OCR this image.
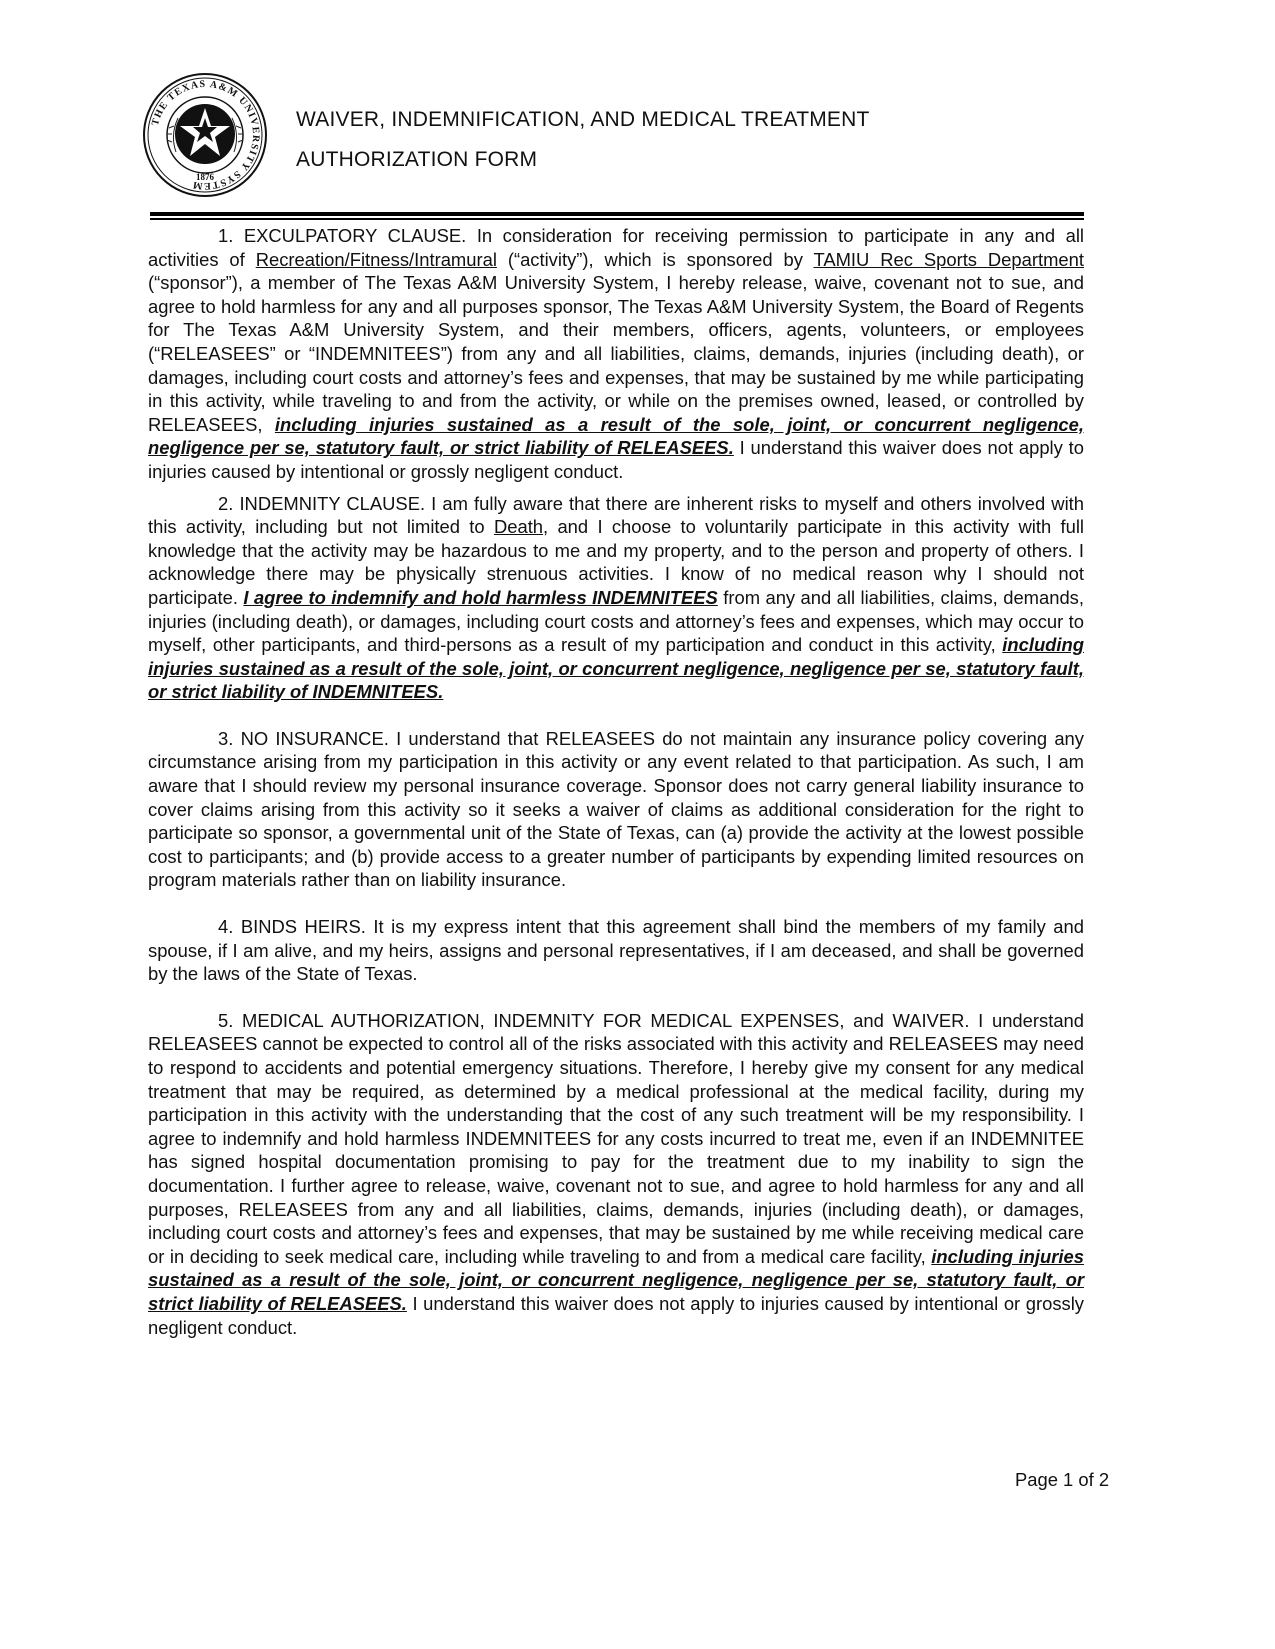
THE TEXAS A&M UNIVERSITY SYSTEM
1876
WAIVER, INDEMNIFICATION, AND MEDICAL TREATMENT
AUTHORIZATION FORM

1. EXCULPATORY CLAUSE. In consideration for receiving permission to participate in any and all activities of Recreation/Fitness/Intramural (“activity”), which is sponsored by TAMIU Rec Sports Department (“sponsor”), a member of The Texas A&M University System, I hereby release, waive, covenant not to sue, and agree to hold harmless for any and all purposes sponsor, The Texas A&M University System, the Board of Regents for The Texas A&M University System, and their members, officers, agents, volunteers, or employees (“RELEASEES” or “INDEMNITEES”) from any and all liabilities, claims, demands, injuries (including death), or damages, including court costs and attorney’s fees and expenses, that may be sustained by me while participating in this activity, while traveling to and from the activity, or while on the premises owned, leased, or controlled by RELEASEES, including injuries sustained as a result of the sole, joint, or concurrent negligence, negligence per se, statutory fault, or strict liability of RELEASEES. I understand this waiver does not apply to injuries caused by intentional or grossly negligent conduct.

2. INDEMNITY CLAUSE. I am fully aware that there are inherent risks to myself and others involved with this activity, including but not limited to Death, and I choose to voluntarily participate in this activity with full knowledge that the activity may be hazardous to me and my property, and to the person and property of others. I acknowledge there may be physically strenuous activities. I know of no medical reason why I should not participate. I agree to indemnify and hold harmless INDEMNITEES from any and all liabilities, claims, demands, injuries (including death), or damages, including court costs and attorney’s fees and expenses, which may occur to myself, other participants, and third-persons as a result of my participation and conduct in this activity, including injuries sustained as a result of the sole, joint, or concurrent negligence, negligence per se, statutory fault, or strict liability of INDEMNITEES.

3. NO INSURANCE. I understand that RELEASEES do not maintain any insurance policy covering any circumstance arising from my participation in this activity or any event related to that participation. As such, I am aware that I should review my personal insurance coverage. Sponsor does not carry general liability insurance to cover claims arising from this activity so it seeks a waiver of claims as additional consideration for the right to participate so sponsor, a governmental unit of the State of Texas, can (a) provide the activity at the lowest possible cost to participants; and (b) provide access to a greater number of participants by expending limited resources on program materials rather than on liability insurance.

4. BINDS HEIRS. It is my express intent that this agreement shall bind the members of my family and spouse, if I am alive, and my heirs, assigns and personal representatives, if I am deceased, and shall be governed by the laws of the State of Texas.

5. MEDICAL AUTHORIZATION, INDEMNITY FOR MEDICAL EXPENSES, and WAIVER. I understand RELEASEES cannot be expected to control all of the risks associated with this activity and RELEASEES may need to respond to accidents and potential emergency situations. Therefore, I hereby give my consent for any medical treatment that may be required, as determined by a medical professional at the medical facility, during my participation in this activity with the understanding that the cost of any such treatment will be my responsibility. I agree to indemnify and hold harmless INDEMNITEES for any costs incurred to treat me, even if an INDEMNITEE has signed hospital documentation promising to pay for the treatment due to my inability to sign the documentation. I further agree to release, waive, covenant not to sue, and agree to hold harmless for any and all purposes, RELEASEES from any and all liabilities, claims, demands, injuries (including death), or damages, including court costs and attorney’s fees and expenses, that may be sustained by me while receiving medical care or in deciding to seek medical care, including while traveling to and from a medical care facility, including injuries sustained as a result of the sole, joint, or concurrent negligence, negligence per se, statutory fault, or strict liability of RELEASEES. I understand this waiver does not apply to injuries caused by intentional or grossly negligent conduct.

Page 1 of 2
